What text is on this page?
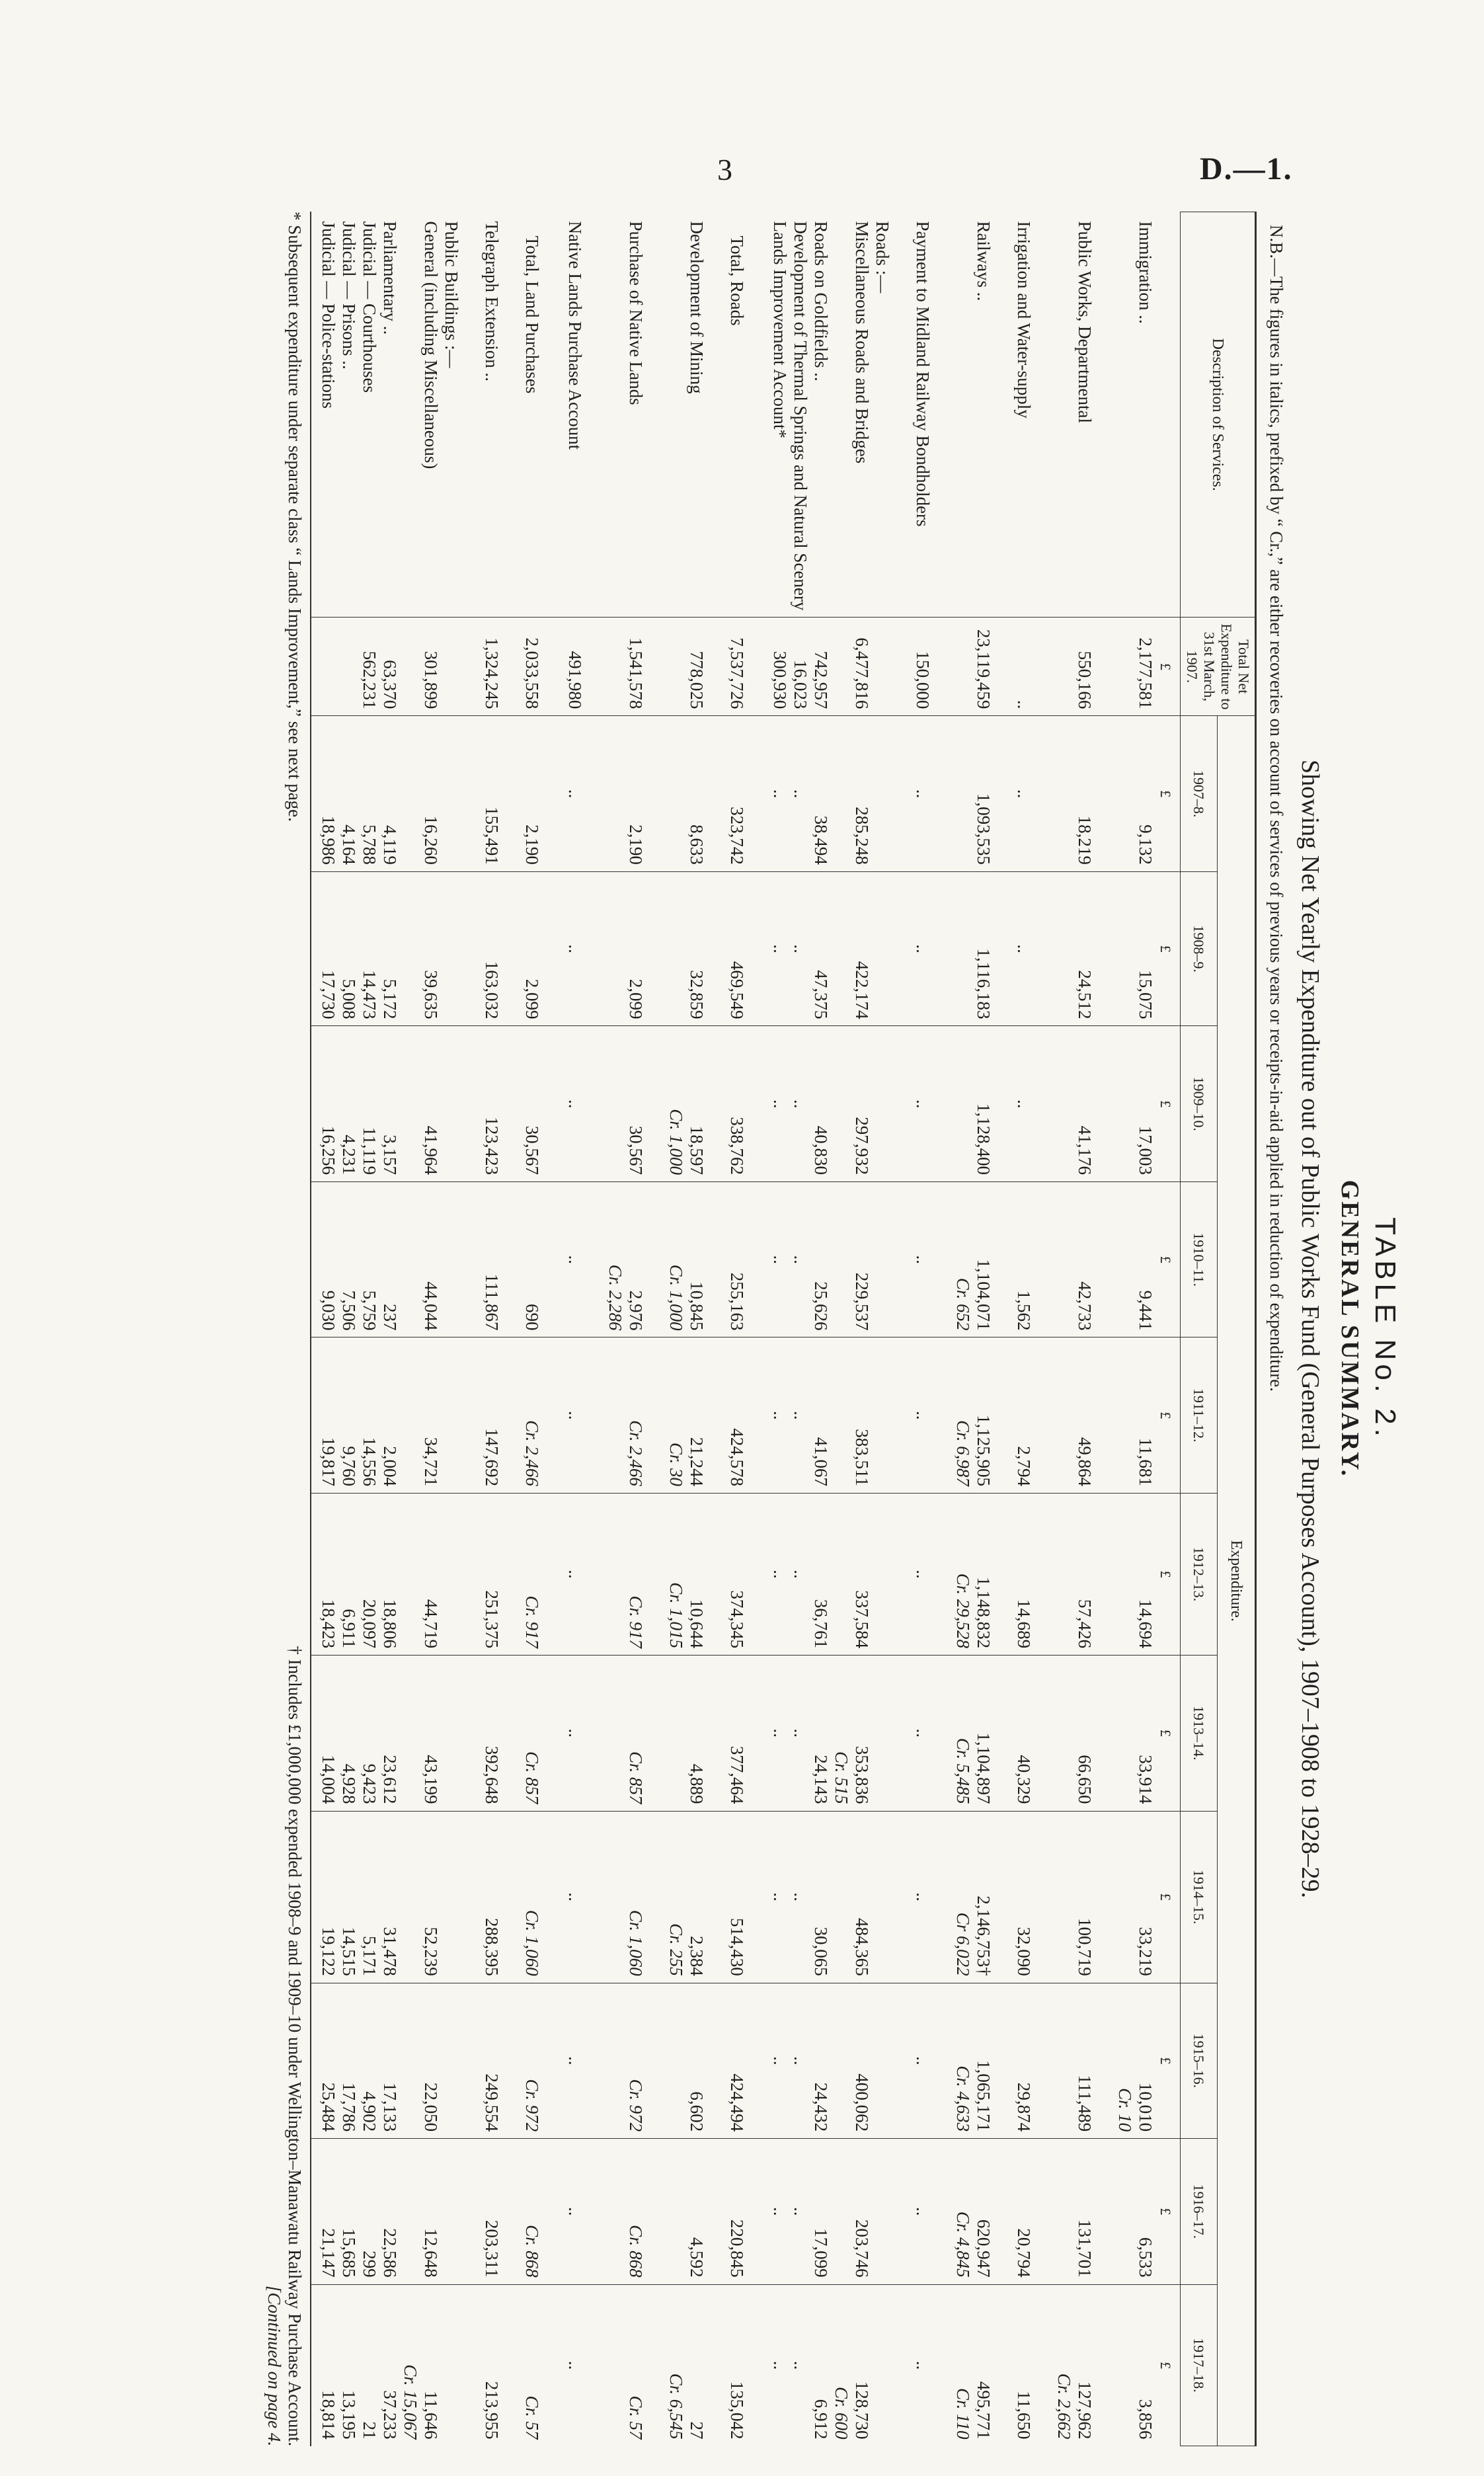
3	D.—1.
TABLE No. 2.
GENERAL SUMMARY.
Showing Net Yearly Expenditure out of Public Works Fund (General Purposes Account), 1907–1908 to 1928–29.
N.B.—The figures in italics, prefixed by “ Cr.,” are either recoveries on account of services of previous years or receipts-in-aid applied in reduction of expenditure.
Description of Services.	Total Net Expenditure to 31st March, 1907.	Expenditure.										
		1907–8.	1908–9.	1909–10.	1910–11.	1911–12.	1912–13.	1913–14.	1914–15.	1915–16.	1916–17.	1917–18.
	£	£	£	£	£	£	£	£	£	£	£	£
Immigration ..	2,177,581	9,132	15,075	17,003	9,441	11,681	14,694	33,914	33,219	10,010	6,533	3,856
										Cr. 10		

Public Works, Departmental	550,166	18,219	24,512	41,176	42,733	49,864	57,426	66,650	100,719	111,489	131,701	127,962
												Cr. 2,662

Irrigation and Water-supply	..	..	..	..	1,562	2,794	14,689	40,329	32,090	29,874	20,794	11,650

Railways ..	23,119,459	1,093,535	1,116,183	1,128,400	1,104,071	1,125,905	1,148,832	1,104,897	2,146,753†	1,065,171	620,947	495,771
					Cr. 652	Cr. 6,987	Cr. 29,528	Cr. 5,485	Cr 6,022	Cr. 4,633	Cr. 4,845	Cr. 110

Payment to Midland Railway Bondholders	150,000	..	..	..	..	..	..	..	..	..	..	..

Roads :—												
Miscellaneous Roads and Bridges	6,477,816	285,248	422,174	297,932	229,537	383,511	337,584	353,836	484,365	400,062	203,746	128,730
								Cr. 515				Cr. 600
Roads on Goldfields ..	742,957	38,494	47,375	40,830	25,626	41,067	36,761	24,143	30,065	24,432	17,099	6,912
Development of Thermal Springs and Natural Scenery	16,023	..	..	..	..	..	..	..	..	..	..	..
Lands Improvement Account*	300,930	..	..	..	..	..	..	..	..	..	..	..

Total, Roads	7,537,726	323,742	469,549	338,762	255,163	424,578	374,345	377,464	514,430	424,494	220,845	135,042

Development of Mining	778,025	8,633	32,859	18,597	10,845	21,244	10,644	4,889	2,384	6,602	4,592	27
				Cr. 1,000	Cr. 1,000	Cr. 30	Cr. 1,015		Cr. 255			Cr. 6,545

Purchase of Native Lands	1,541,578	2,190	2,099	30,567	2,976	Cr. 2,466	Cr. 917	Cr. 857	Cr. 1,060	Cr. 972	Cr. 868	Cr. 57
					Cr. 2,286							

Native Lands Purchase Account	491,980	..	..	..	..	..	..	..	..	..	..	..

Total, Land Purchases	2,033,558	2,190	2,099	30,567	690	Cr. 2,466	Cr. 917	Cr. 857	Cr. 1,060	Cr. 972	Cr. 868	Cr. 57

Telegraph Extension ..	1,324,245	155,491	163,032	123,423	111,867	147,692	251,375	392,648	288,395	249,554	203,311	213,955

Public Buildings :—												
General (including Miscellaneous)	301,899	16,260	39,635	41,964	44,044	34,721	44,719	43,199	52,239	22,050	12,648	11,646
												Cr. 15,067
Parliamentary ..	63,370	4,119	5,172	3,157	237	2,004	18,806	23,612	31,478	17,133	22,586	37,233
Judicial — Courthouses	562,231	5,788	14,473	11,119	5,759	14,556	20,097	9,423	5,171	4,902	299	21
Judicial — Prisons ..		4,164	5,008	4,231	7,506	9,760	6,911	4,928	14,515	17,786	15,685	13,195
Judicial — Police-stations		18,986	17,730	16,256	9,030	19,817	18,423	14,004	19,122	25,484	21,147	18,814
* Subsequent expenditure under separate class “ Lands Improvement,” see next page.
† Includes £1,000,000 expended 1908–9 and 1909–10 under Wellington–Manawatu Railway Purchase Account.
[Continued on page 4.
